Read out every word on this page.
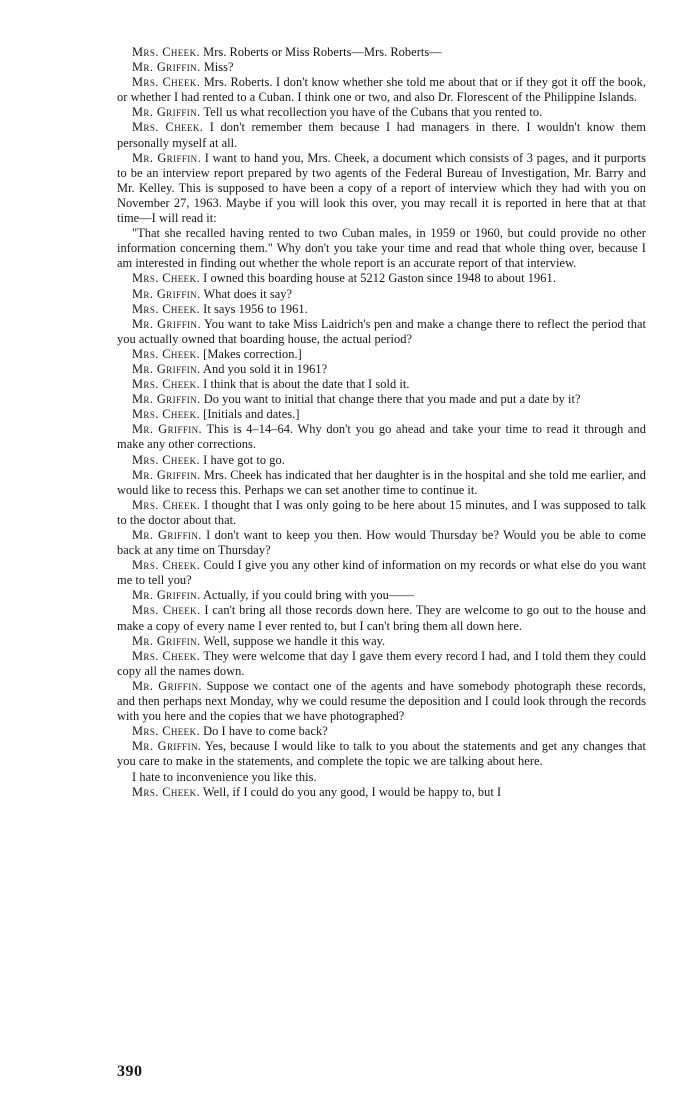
Mrs. Cheek. Mrs. Roberts or Miss Roberts—Mrs. Roberts—

Mr. Griffin. Miss?

Mrs. Cheek. Mrs. Roberts. I don't know whether she told me about that or if they got it off the book, or whether I had rented to a Cuban. I think one or two, and also Dr. Florescent of the Philippine Islands.

Mr. Griffin. Tell us what recollection you have of the Cubans that you rented to.

Mrs. Cheek. I don't remember them because I had managers in there. I wouldn't know them personally myself at all.

Mr. Griffin. I want to hand you, Mrs. Cheek, a document which consists of 3 pages, and it purports to be an interview report prepared by two agents of the Federal Bureau of Investigation, Mr. Barry and Mr. Kelley. This is supposed to have been a copy of a report of interview which they had with you on November 27, 1963. Maybe if you will look this over, you may recall it is reported in here that at that time—I will read it:

"That she recalled having rented to two Cuban males, in 1959 or 1960, but could provide no other information concerning them." Why don't you take your time and read that whole thing over, because I am interested in finding out whether the whole report is an accurate report of that interview.

Mrs. Cheek. I owned this boarding house at 5212 Gaston since 1948 to about 1961.

Mr. Griffin. What does it say?

Mrs. Cheek. It says 1956 to 1961.

Mr. Griffin. You want to take Miss Laidrich's pen and make a change there to reflect the period that you actually owned that boarding house, the actual period?

Mrs. Cheek. [Makes correction.]

Mr. Griffin. And you sold it in 1961?

Mrs. Cheek. I think that is about the date that I sold it.

Mr. Griffin. Do you want to initial that change there that you made and put a date by it?

Mrs. Cheek. [Initials and dates.]

Mr. Griffin. This is 4–14–64. Why don't you go ahead and take your time to read it through and make any other corrections.

Mrs. Cheek. I have got to go.

Mr. Griffin. Mrs. Cheek has indicated that her daughter is in the hospital and she told me earlier, and would like to recess this. Perhaps we can set another time to continue it.

Mrs. Cheek. I thought that I was only going to be here about 15 minutes, and I was supposed to talk to the doctor about that.

Mr. Griffin. I don't want to keep you then. How would Thursday be? Would you be able to come back at any time on Thursday?

Mrs. Cheek. Could I give you any other kind of information on my records or what else do you want me to tell you?

Mr. Griffin. Actually, if you could bring with you——

Mrs. Cheek. I can't bring all those records down here. They are welcome to go out to the house and make a copy of every name I ever rented to, but I can't bring them all down here.

Mr. Griffin. Well, suppose we handle it this way.

Mrs. Cheek. They were welcome that day I gave them every record I had, and I told them they could copy all the names down.

Mr. Griffin. Suppose we contact one of the agents and have somebody photograph these records, and then perhaps next Monday, why we could resume the deposition and I could look through the records with you here and the copies that we have photographed?

Mrs. Cheek. Do I have to come back?

Mr. Griffin. Yes, because I would like to talk to you about the statements and get any changes that you care to make in the statements, and complete the topic we are talking about here.

I hate to inconvenience you like this.

Mrs. Cheek. Well, if I could do you any good, I would be happy to, but I

390
